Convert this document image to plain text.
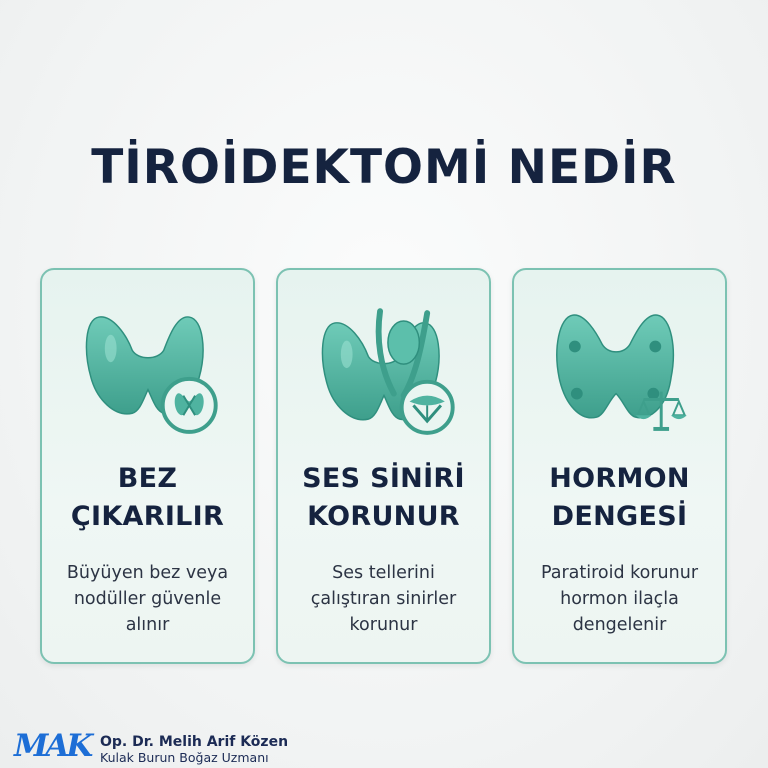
TİROİDEKTOMİ NEDİR
BEZ
ÇIKARILIR
Büyüyen bez veya
nodüller güvenle
alınır
SES SİNİRİ
KORUNUR
Ses tellerini
çalıştıran sinirler
korunur
HORMON
DENGESİ
Paratiroid korunur
hormon ilaçla
dengelenir
MAK Op. Dr. Melih Arif Közen
Kulak Burun Boğaz Uzmanı
